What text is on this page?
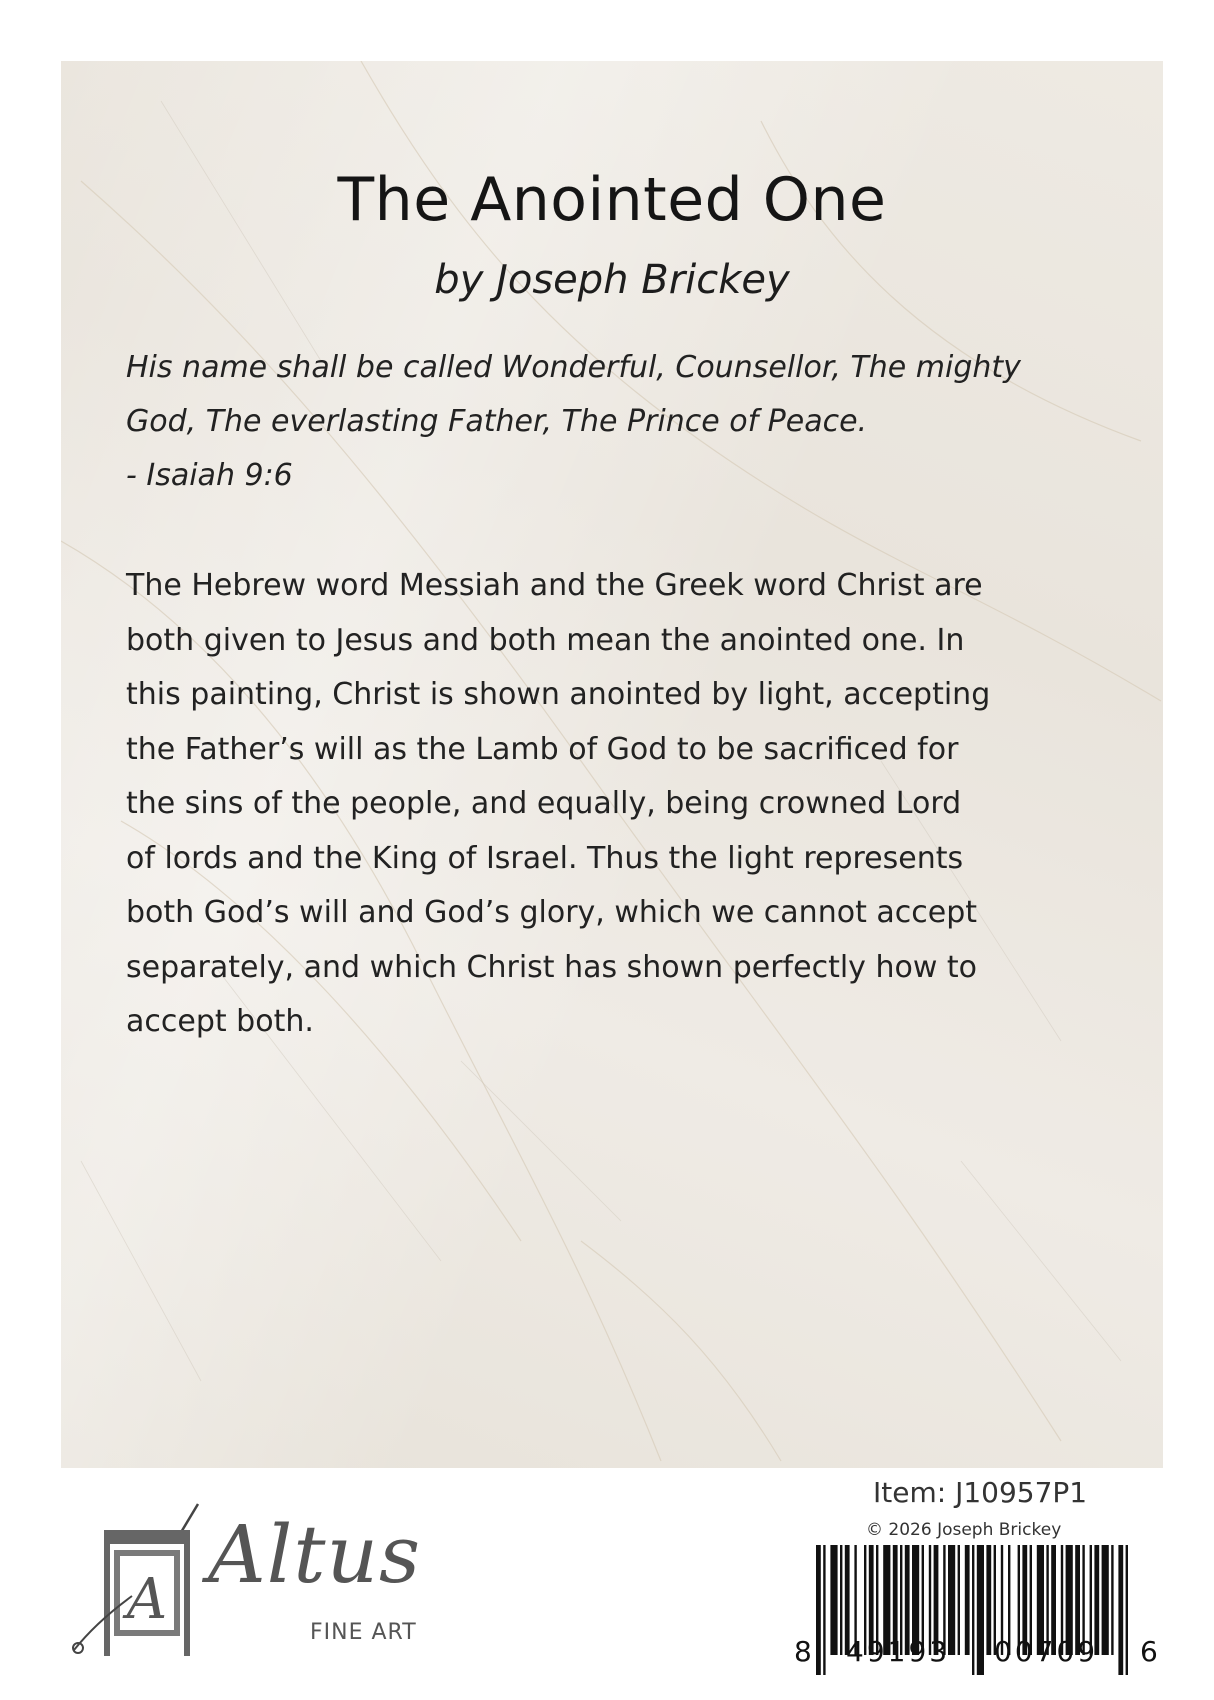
The Anointed One
by Joseph Brickey
His name shall be called Wonderful, Counsellor, The mighty
God, The everlasting Father, The Prince of Peace.
- Isaiah 9:6
The Hebrew word Messiah and the Greek word Christ are
both given to Jesus and both mean the anointed one. In
this painting, Christ is shown anointed by light, accepting
the Father’s will as the Lamb of God to be sacrificed for
the sins of the people, and equally, being crowned Lord
of lords and the King of Israel. Thus the light represents
both God’s will and God’s glory, which we cannot accept
separately, and which Christ has shown perfectly how to
accept both.
A Altus
FINE ART
Item: J10957P1
© 2026 Joseph Brickey
8 49193 00709 6
